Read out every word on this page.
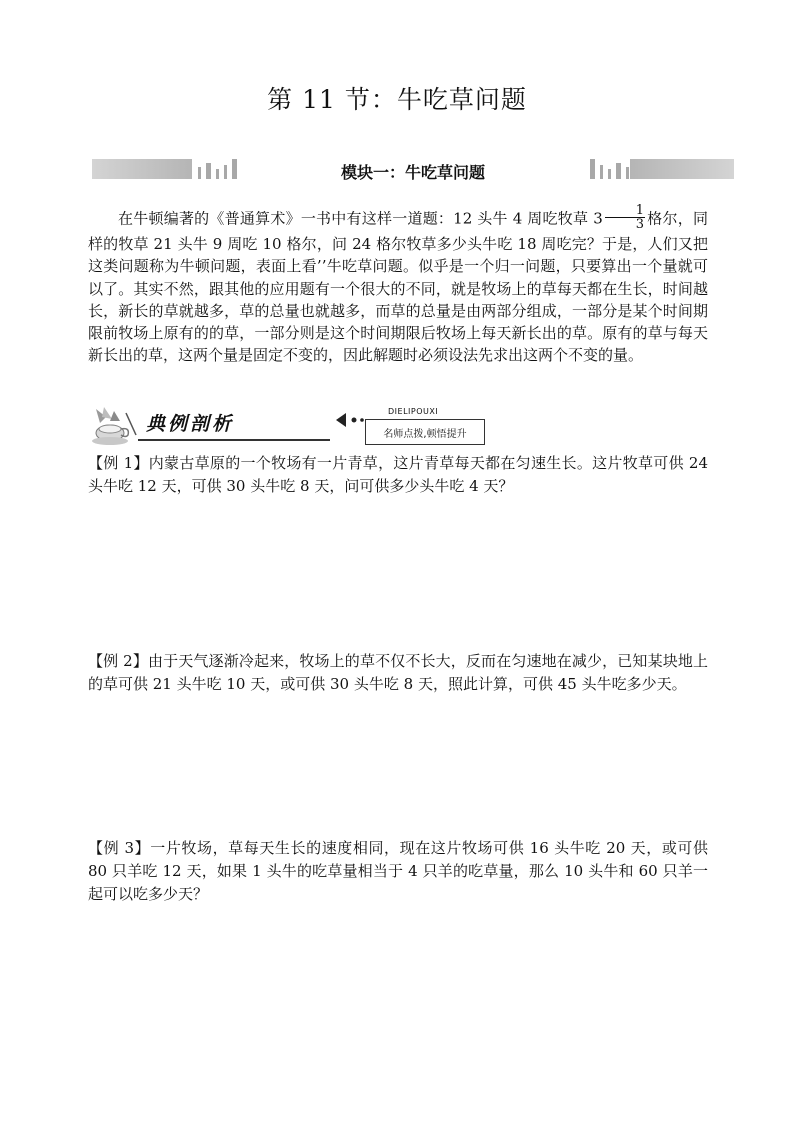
第 11 节：牛吃草问题
模块一：牛吃草问题

在牛顿编著的《普通算术》一书中有这样一道题：12 头牛 4 周吃牧草 $3 \frac{1}{3}$ 格尔，同样的牧草 21 头牛 9 周吃 10 格尔，问 24 格尔牧草多少头牛吃 18 周吃完？于是，人们又把这类问题称为牛顿问题，表面上看’’牛吃草问题。似乎是一个归一问题，只要算出一个量就可以了。其实不然，跟其他的应用题有一个很大的不同，就是牧场上的草每天都在生长，时间越长，新长的草就越多，草的总量也就越多，而草的总量是由两部分组成，一部分是某个时间期限前牧场上原有的的草，一部分则是这个时间期限后牧场上每天新长出的草。原有的草与每天新长出的草，这两个量是固定不变的，因此解题时必须设法先求出这两个不变的量。

典例剖析
DIELIPOUXI
名师点拨,顿悟提升

【例 1】内蒙古草原的一个牧场有一片青草，这片青草每天都在匀速生长。这片牧草可供 24 头牛吃 12 天，可供 30 头牛吃 8 天，问可供多少头牛吃 4 天？

【例 2】由于天气逐渐冷起来，牧场上的草不仅不长大，反而在匀速地在减少，已知某块地上的草可供 21 头牛吃 10 天，或可供 30 头牛吃 8 天，照此计算，可供 45 头牛吃多少天。

【例 3】一片牧场，草每天生长的速度相同，现在这片牧场可供 16 头牛吃 20 天，或可供 80 只羊吃 12 天，如果 1 头牛的吃草量相当于 4 只羊的吃草量，那么 10 头牛和 60 只羊一起可以吃多少天？
